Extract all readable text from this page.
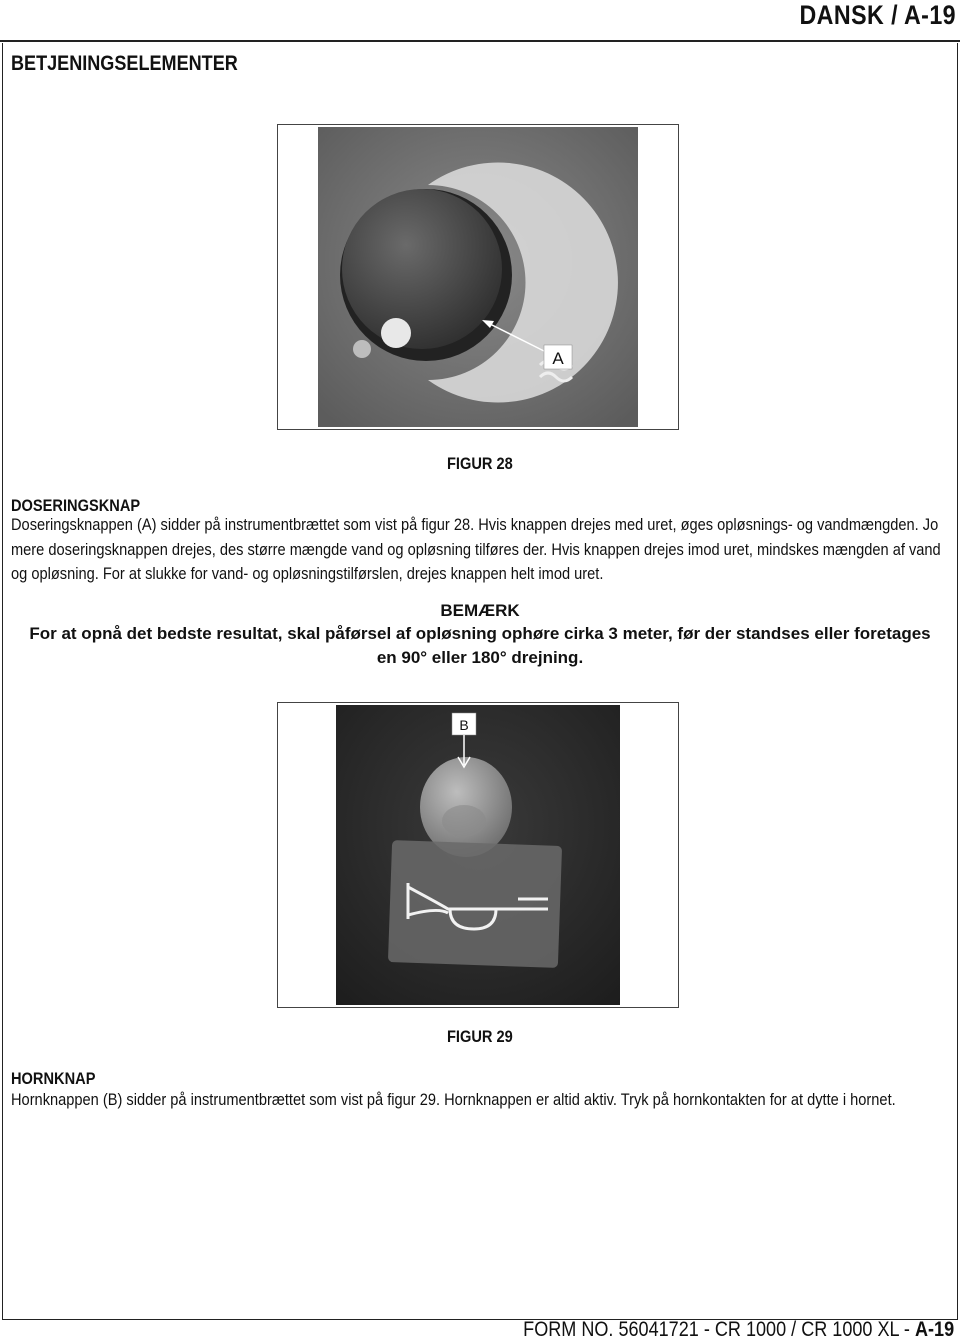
DANSK / A-19
BETJENINGSELEMENTER
A
FIGUR 28
DOSERINGSKNAP
Doseringsknappen (A) sidder på instrumentbrættet som vist på figur 28. Hvis knappen drejes med uret, øges opløsnings- og vandmængden. Jo mere doseringsknappen drejes, des større mængde vand og opløsning tilføres der. Hvis knappen drejes imod uret, mindskes mængden af vand og opløsning. For at slukke for vand- og opløsningstilførslen, drejes knappen helt imod uret.
BEMÆRK
For at opnå det bedste resultat, skal påførsel af opløsning ophøre cirka 3 meter, før der standses eller foretages en 90° eller 180° drejning.
B
FIGUR 29
HORNKNAP
Hornknappen (B) sidder på instrumentbrættet som vist på figur 29. Hornknappen er altid aktiv. Tryk på hornkontakten for at dytte i hornet.
FORM NO. 56041721 - CR 1000 / CR 1000 XL - A-19
